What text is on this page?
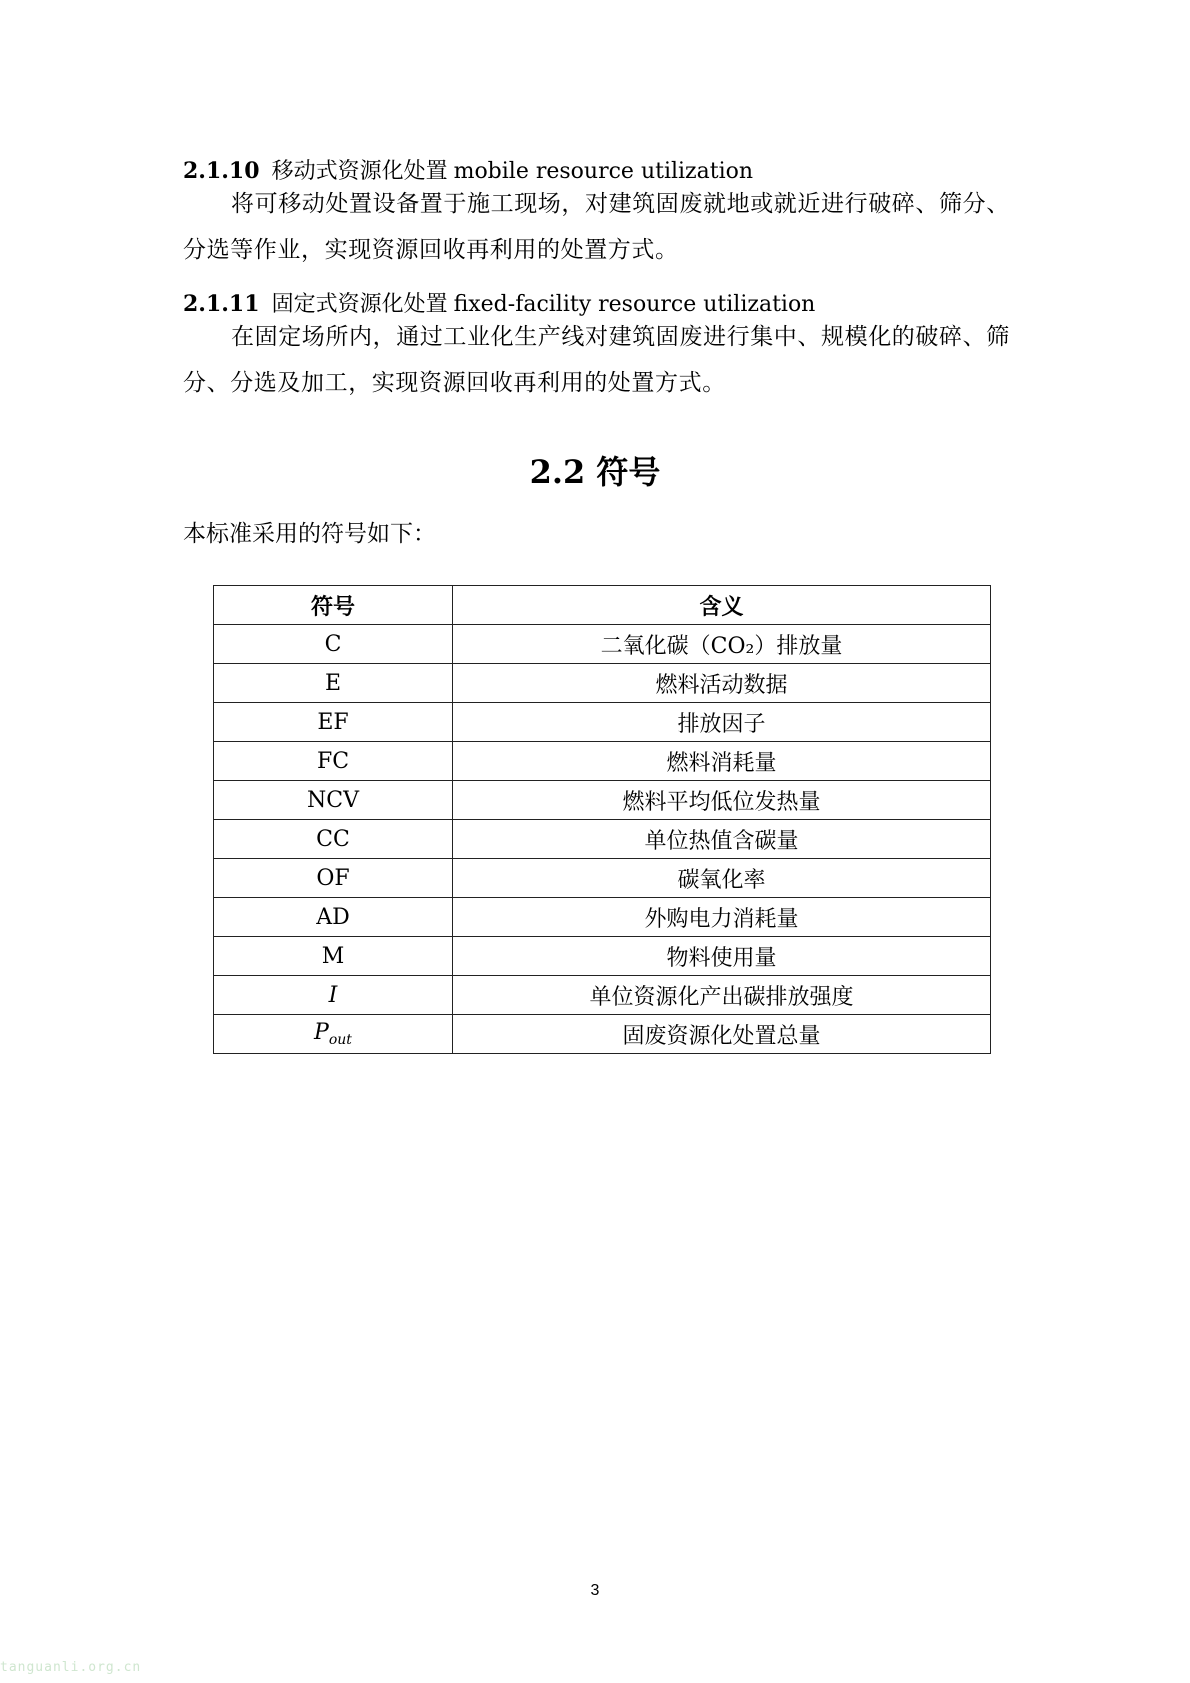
2.1.10 移动式资源化处置 mobile resource utilization
将可移动处置设备置于施工现场，对建筑固废就地或就近进行破碎、筛分、分选等作业，实现资源回收再利用的处置方式。
2.1.11 固定式资源化处置 fixed-facility resource utilization
在固定场所内，通过工业化生产线对建筑固废进行集中、规模化的破碎、筛分、分选及加工，实现资源回收再利用的处置方式。
2.2 符号
本标准采用的符号如下：
符号	含义
C	二氧化碳（CO₂）排放量
E	燃料活动数据
EF	排放因子
FC	燃料消耗量
NCV	燃料平均低位发热量
CC	单位热值含碳量
OF	碳氧化率
AD	外购电力消耗量
M	物料使用量
I	单位资源化产出碳排放强度
$P_{out}$	固废资源化处置总量
3
tanguanli.org.cn
